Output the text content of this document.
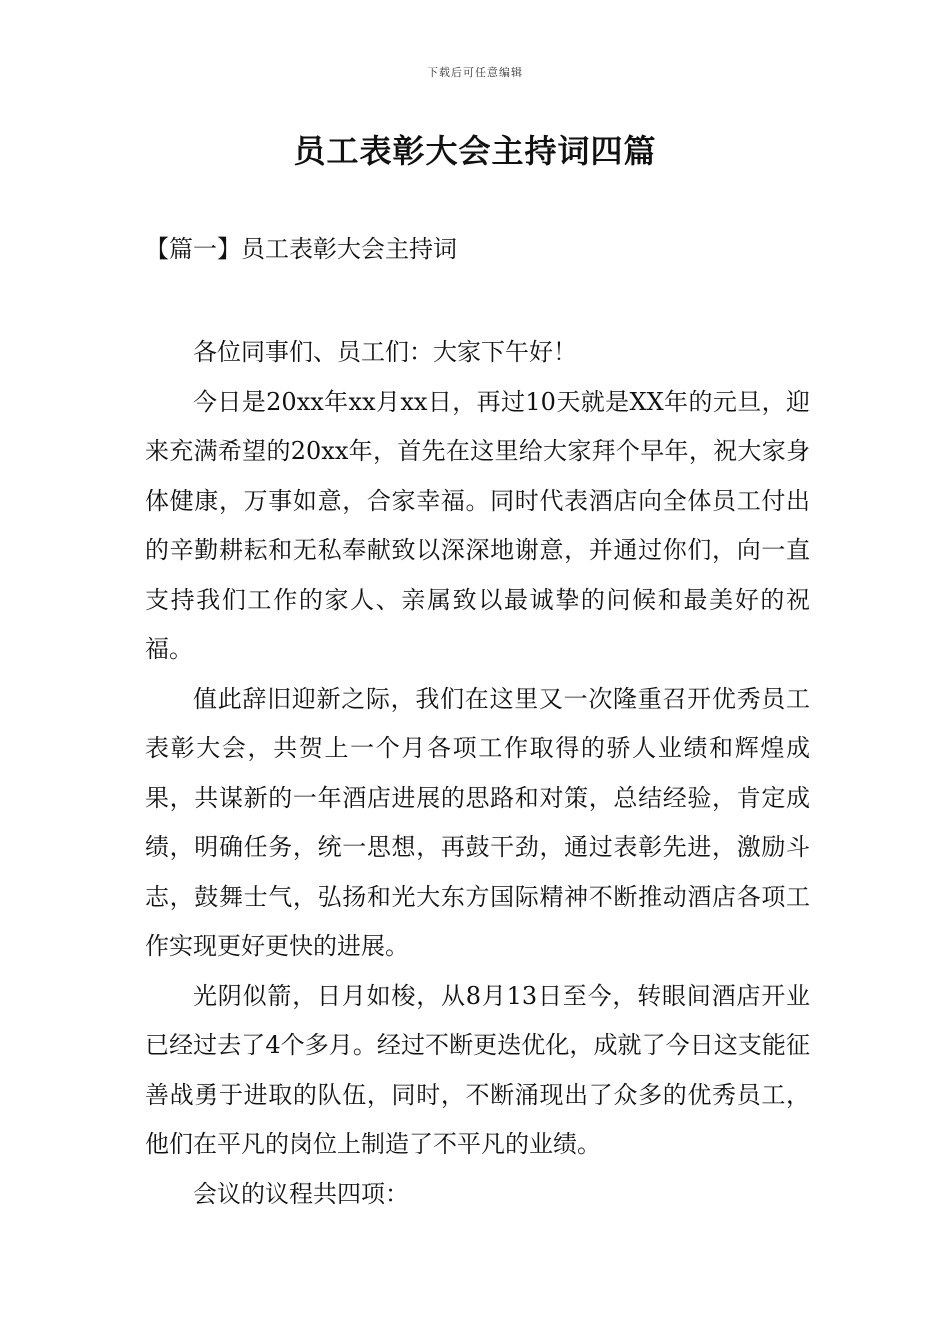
下载后可任意编辑
员工表彰大会主持词四篇
【篇一】员工表彰大会主持词

各位同事们、员工们：大家下午好！

今日是20xx年xx月xx日，再过10天就是XX年的元旦，迎来充满希望的20xx年，首先在这里给大家拜个早年，祝大家身体健康，万事如意，合家幸福。同时代表酒店向全体员工付出的辛勤耕耘和无私奉献致以深深地谢意，并通过你们，向一直支持我们工作的家人、亲属致以最诚挚的问候和最美好的祝福。

值此辞旧迎新之际，我们在这里又一次隆重召开优秀员工表彰大会，共贺上一个月各项工作取得的骄人业绩和辉煌成果，共谋新的一年酒店进展的思路和对策，总结经验，肯定成绩，明确任务，统一思想，再鼓干劲，通过表彰先进，激励斗志，鼓舞士气，弘扬和光大东方国际精神不断推动酒店各项工作实现更好更快的进展。

光阴似箭，日月如梭，从8月13日至今，转眼间酒店开业已经过去了4个多月。经过不断更迭优化，成就了今日这支能征善战勇于进取的队伍，同时，不断涌现出了众多的优秀员工，他们在平凡的岗位上制造了不平凡的业绩。

会议的议程共四项：
